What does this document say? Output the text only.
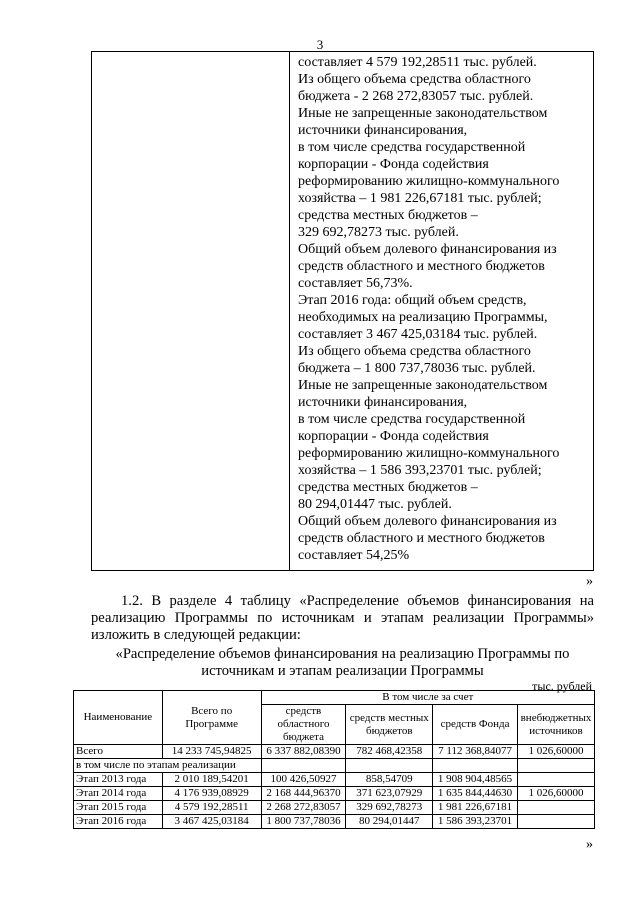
3
составляет 4 579 192,28511 тыс. рублей.
Из общего объема средства областного
бюджета - 2 268 272,83057 тыс. рублей.
Иные не запрещенные законодательством
источники финансирования,
в том числе средства государственной
корпорации - Фонда содействия
реформированию жилищно-коммунального
хозяйства – 1 981 226,67181 тыс. рублей;
средства местных бюджетов –
329 692,78273 тыс. рублей.
Общий объем долевого финансирования из
средств областного и местного бюджетов
составляет 56,73%.
Этап 2016 года: общий объем средств,
необходимых на реализацию Программы,
составляет 3 467 425,03184 тыс. рублей.
Из общего объема средства областного
бюджета – 1 800 737,78036 тыс. рублей.
Иные не запрещенные законодательством
источники финансирования,
в том числе средства государственной
корпорации - Фонда содействия
реформированию жилищно-коммунального
хозяйства – 1 586 393,23701 тыс. рублей;
средства местных бюджетов –
80 294,01447 тыс. рублей.
Общий объем долевого финансирования из
средств областного и местного бюджетов
составляет 54,25%
»
1.2. В разделе 4 таблицу «Распределение объемов финансирования на
реализацию Программы по источникам и этапам реализации Программы»
изложить в следующей редакции:
«Распределение объемов финансирования на реализацию Программы по
источникам и этапам реализации Программы
тыс. рублей
Наименование	Всего по Программе	В том числе за счет			
		средств областного бюджета	средств местных бюджетов	средств Фонда	внебюджетных источников
Всего	14 233 745,94825	6 337 882,08390	782 468,42358	7 112 368,84077	1 026,60000
в том числе по этапам реализации					
Этап 2013 года	2 010 189,54201	100 426,50927	858,54709	1 908 904,48565	
Этап 2014 года	4 176 939,08929	2 168 444,96370	371 623,07929	1 635 844,44630	1 026,60000
Этап 2015 года	4 579 192,28511	2 268 272,83057	329 692,78273	1 981 226,67181	
Этап 2016 года	3 467 425,03184	1 800 737,78036	80 294,01447	1 586 393,23701	
»
